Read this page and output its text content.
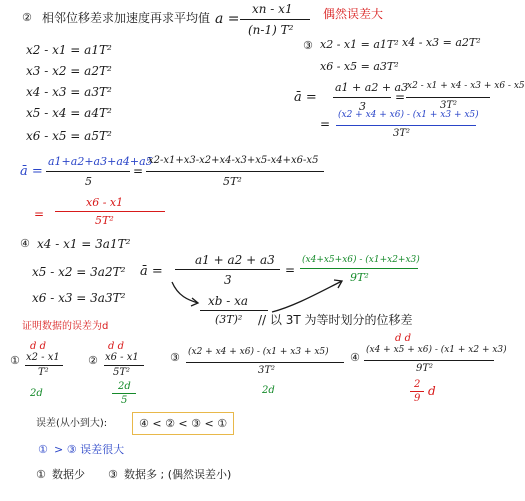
② 相邻位移差求加速度再求平均值 a =
xn - x1
(n-1) T²
偶然误差大
x2 - x1 = a1T²
x3 - x2 = a2T²
x4 - x3 = a3T²
x5 - x4 = a4T²
x6 - x5 = a5T²
③ x2 - x1 = a1T² x4 - x3 = a2T²
x6 - x5 = a3T²
ā =
a1 + a2 + a3
3
=
x2 - x1 + x4 - x3 + x6 - x5
3T²
=
(x2 + x4 + x6) - (x1 + x3 + x5)
3T²
ā =
a1+a2+a3+a4+a5
5
=
x2-x1+x3-x2+x4-x3+x5-x4+x6-x5
5T²
=
x6 - x1
5T²
④ x4 - x1 = 3a1T²
x5 - x2 = 3a2T²
x6 - x3 = 3a3T²
ā =
a1 + a2 + a3
3
=
(x4+x5+x6) - (x1+x2+x3)
9T²
xb - xa
(3T)² // 以 3T 为等时划分的位移差
证明数据的误差为d
①
d d
x2 - x1
T²
2d
②
d d
x6 - x1
5T²
2d
5
③ (x2 + x4 + x6) - (x1 + x3 + x5)
3T²
2d
④
d d
(x4 + x5 + x6) - (x1 + x2 + x3)
9T²
2
9
d
误差(从小到大):	④ < ② < ③ < ①
① > ③ 误差很大
① 数据少 ③ 数据多 ; (偶然误差小)
